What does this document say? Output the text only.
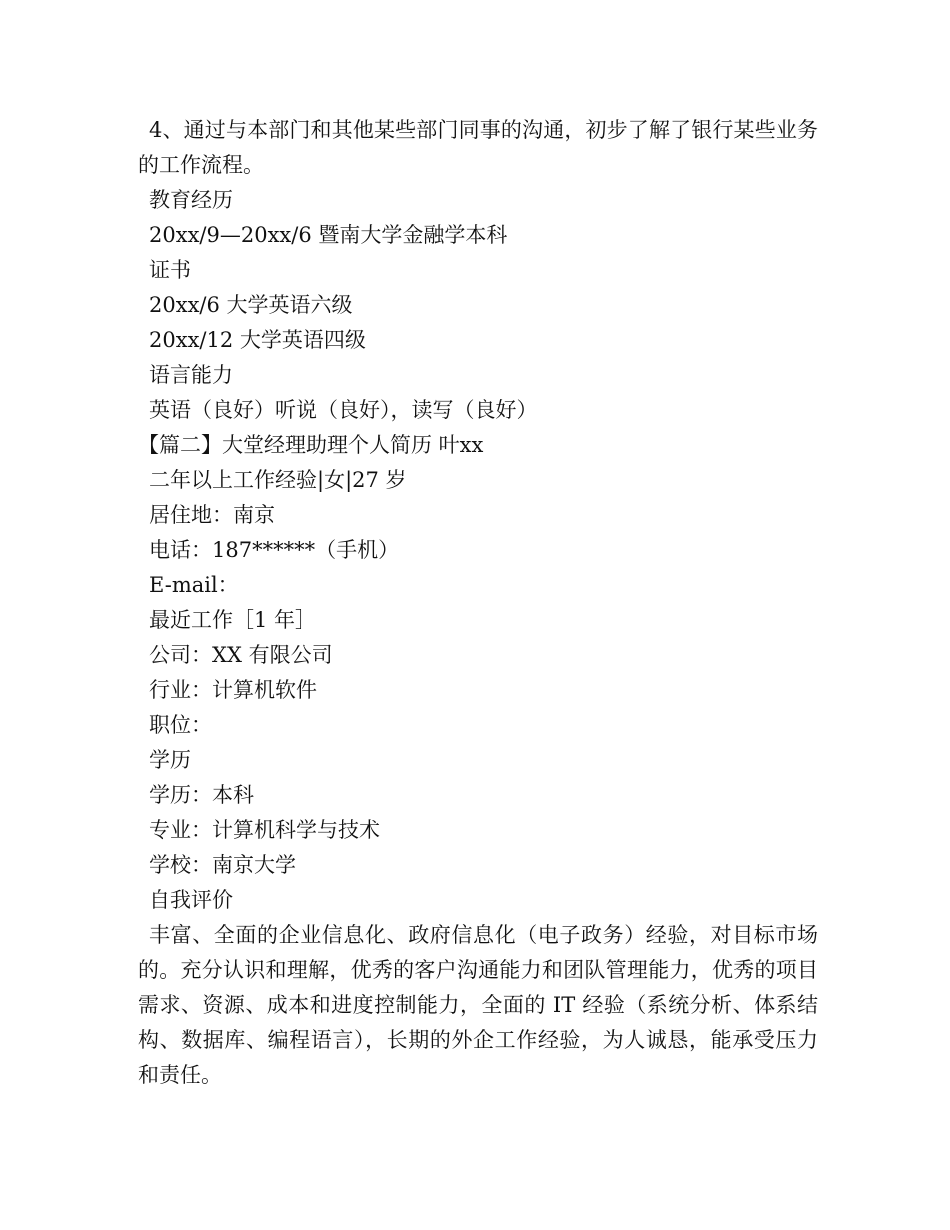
4、通过与本部门和其他某些部门同事的沟通，初步了解了银行某些业务的工作流程。
教育经历
20xx/9—20xx/6 暨南大学金融学本科
证书
20xx/6 大学英语六级
20xx/12 大学英语四级
语言能力
英语（良好）听说（良好），读写（良好）
【篇二】大堂经理助理个人简历 叶xx
二年以上工作经验|女|27 岁
居住地：南京
电话：187******（手机）
E-mail：
最近工作［1 年］
公司：XX 有限公司
行业：计算机软件
职位：
学历
学历：本科
专业：计算机科学与技术
学校：南京大学
自我评价
丰富、全面的企业信息化、政府信息化（电子政务）经验，对目标市场的。充分认识和理解，优秀的客户沟通能力和团队管理能力，优秀的项目需求、资源、成本和进度控制能力，全面的 IT 经验（系统分析、体系结构、数据库、编程语言），长期的外企工作经验，为人诚恳，能承受压力和责任。
